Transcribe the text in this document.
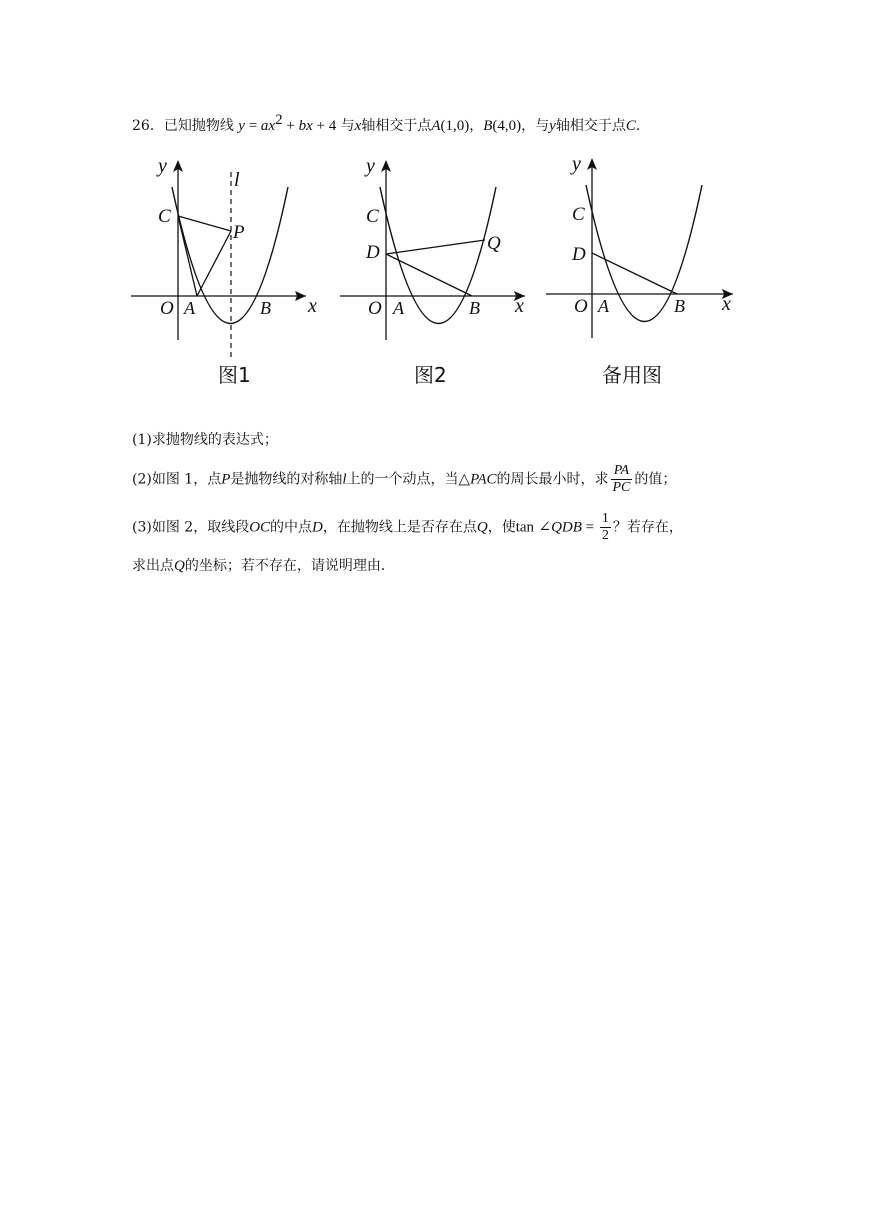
26．已知抛物线 $y = ax^2$ + bx + 4 与x轴相交于点A(1,0)，B(4,0)，与y轴相交于点C．
y
l
C
P
O A	B x
图1
y
C
D	Q
O A	B x
图2
y
C
D
O A	B x
备用图
(1)求抛物线的表达式；
(2)如图 1，点P是抛物线的对称轴l上的一个动点，当△PAC的周长最小时，求 $\frac{PA}{PC}$ 的值；
(3)如图 2，取线段OC的中点D，在抛物线上是否存在点Q，使tan ∠QDB = $\frac{1}{2}$ ？若存在，
求出点Q的坐标；若不存在，请说明理由．
